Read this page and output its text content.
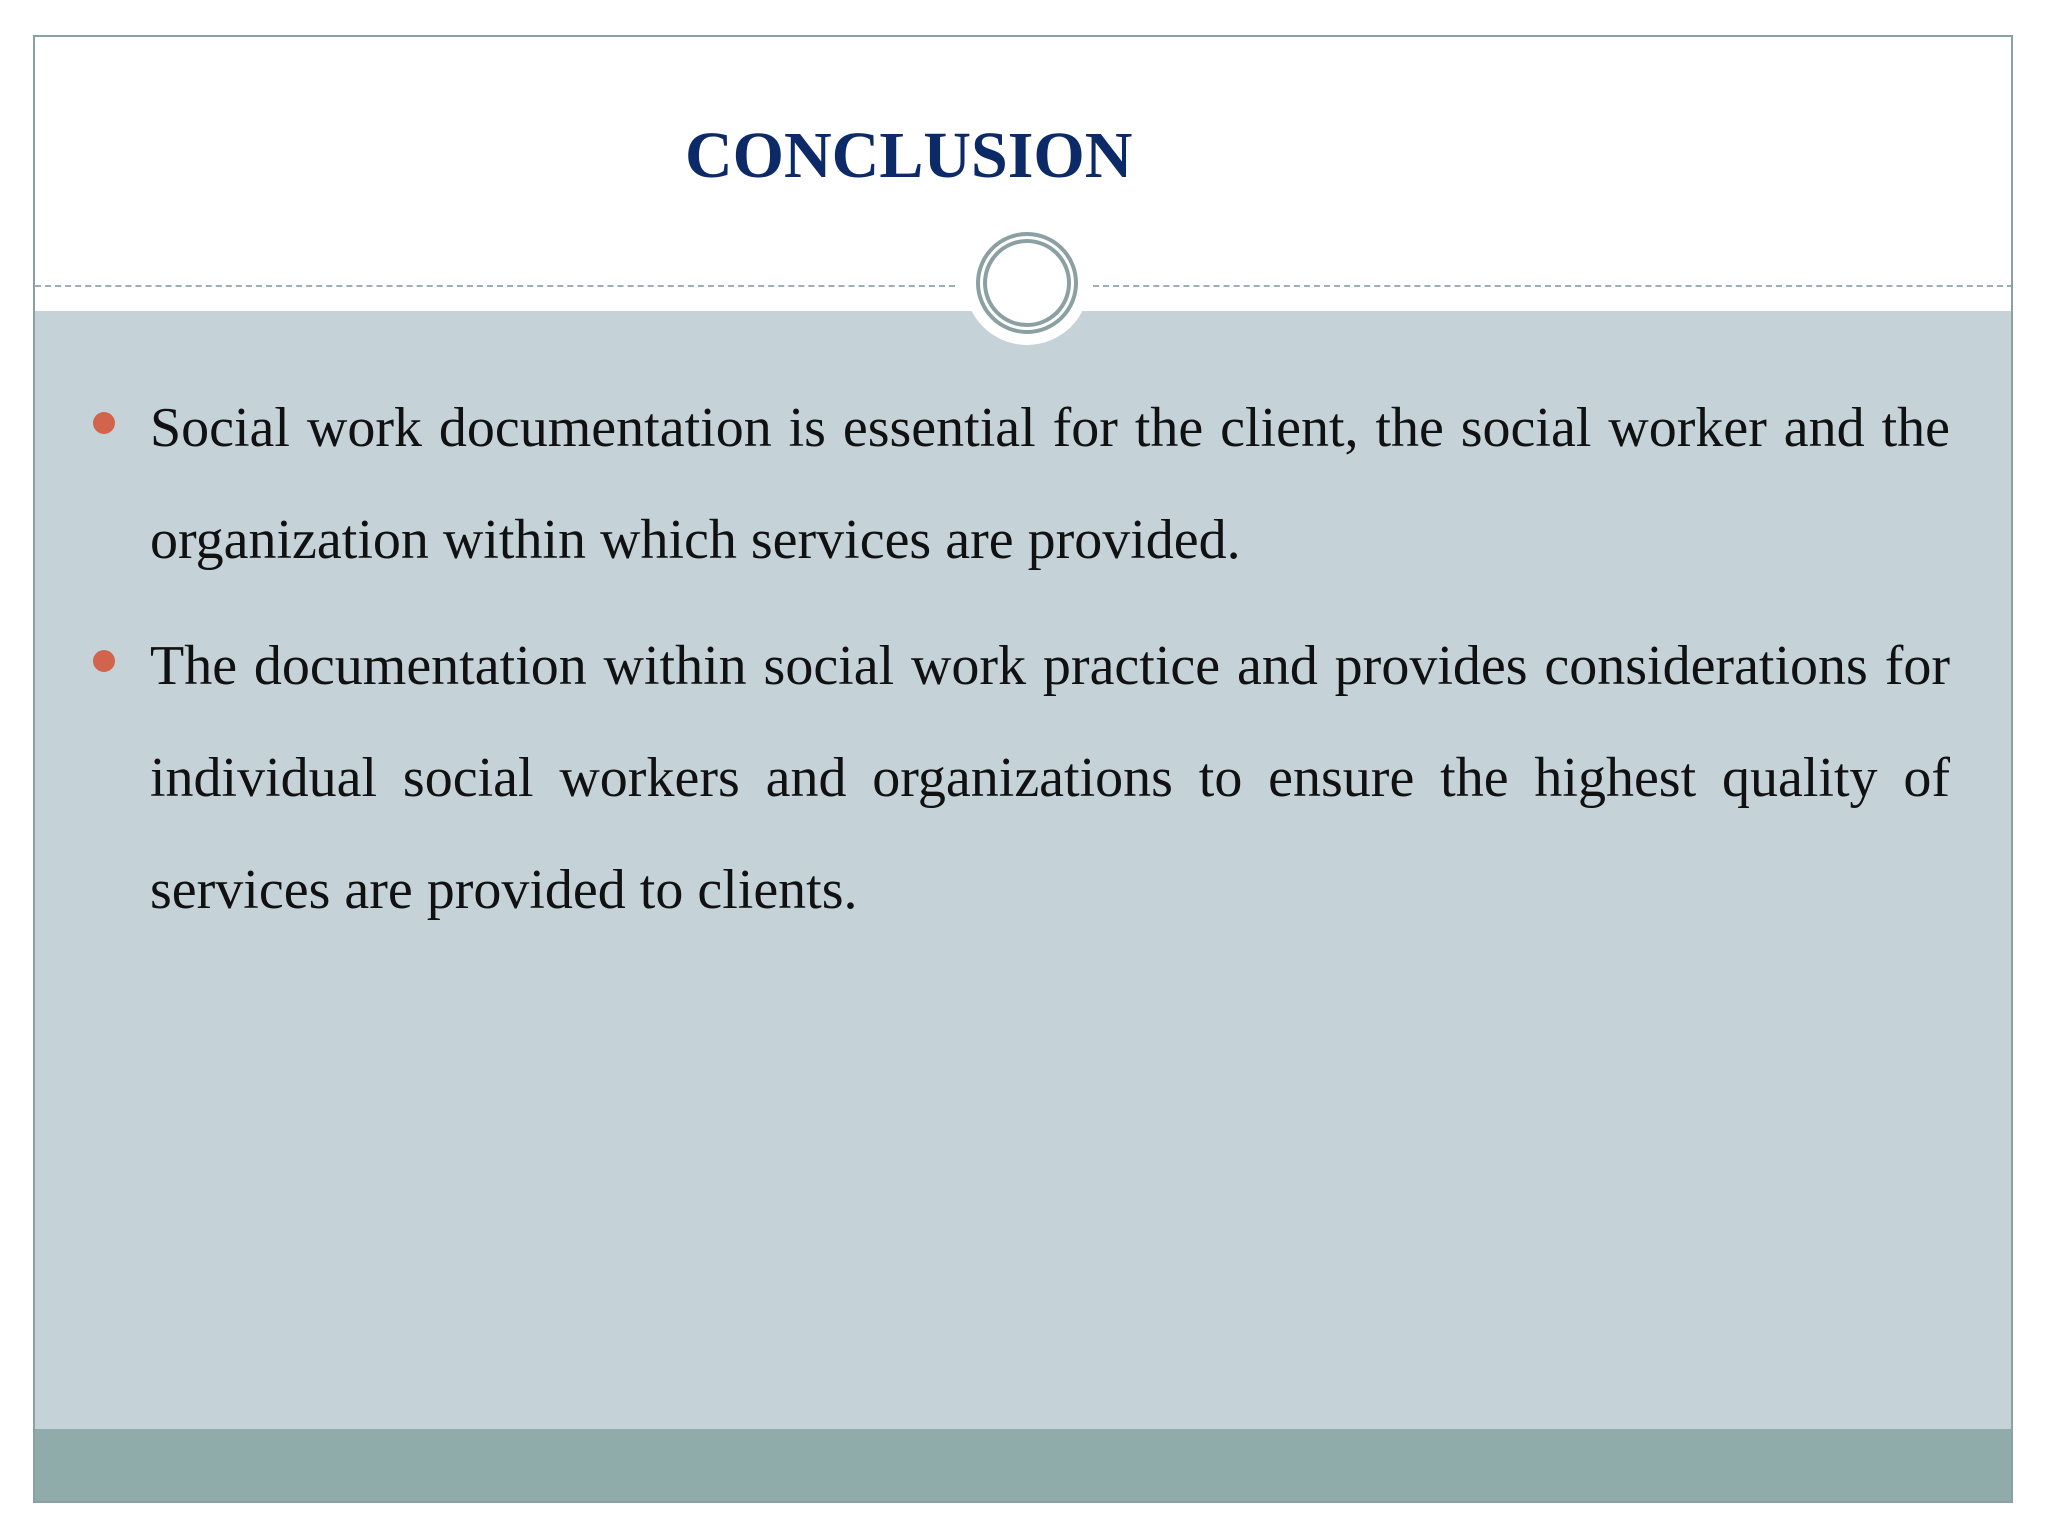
CONCLUSION

Social work documentation is essential for the client, the social worker and the organization within which services are provided.

The documentation within social work practice and provides considerations for individual social workers and organizations to ensure the highest quality of services are provided to clients.
